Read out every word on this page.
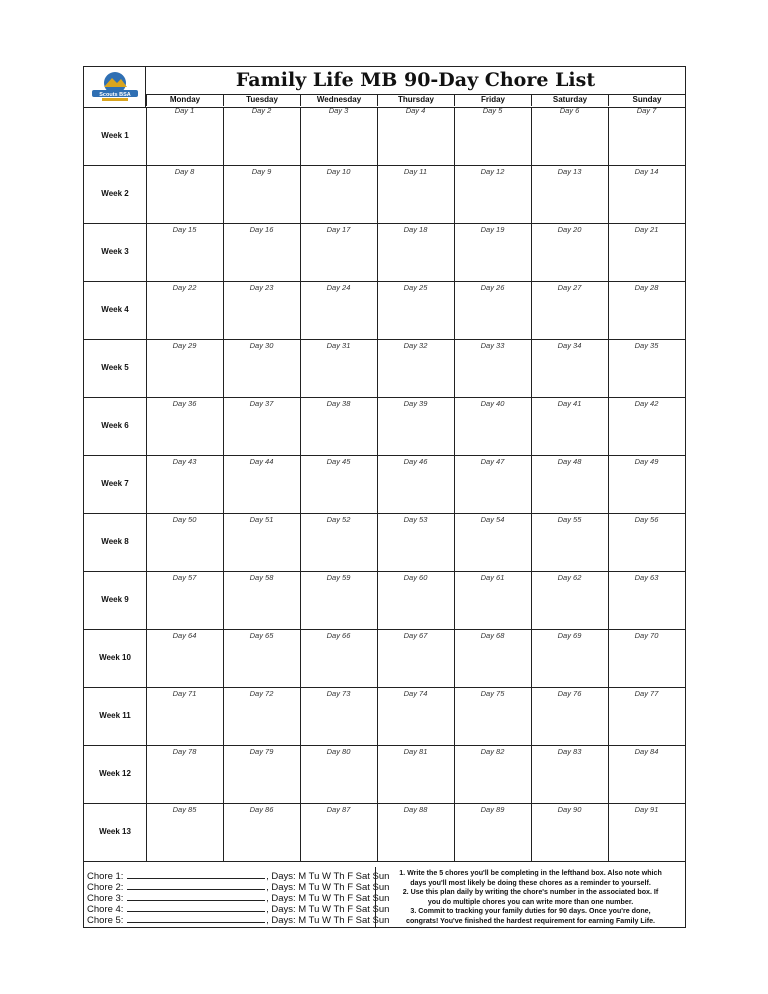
Scouts BSA
Family Life MB 90-Day Chore List
Monday	Tuesday	Wednesday	Thursday	Friday	Saturday	Sunday
Week 1
Day 1	Day 2	Day 3	Day 4	Day 5	Day 6	Day 7
Week 2
Day 8	Day 9	Day 10	Day 11	Day 12	Day 13	Day 14
Week 3
Day 15	Day 16	Day 17	Day 18	Day 19	Day 20	Day 21
Week 4
Day 22	Day 23	Day 24	Day 25	Day 26	Day 27	Day 28
Week 5
Day 29	Day 30	Day 31	Day 32	Day 33	Day 34	Day 35
Week 6
Day 36	Day 37	Day 38	Day 39	Day 40	Day 41	Day 42
Week 7
Day 43	Day 44	Day 45	Day 46	Day 47	Day 48	Day 49
Week 8
Day 50	Day 51	Day 52	Day 53	Day 54	Day 55	Day 56
Week 9
Day 57	Day 58	Day 59	Day 60	Day 61	Day 62	Day 63
Week 10
Day 64	Day 65	Day 66	Day 67	Day 68	Day 69	Day 70
Week 11
Day 71	Day 72	Day 73	Day 74	Day 75	Day 76	Day 77
Week 12
Day 78	Day 79	Day 80	Day 81	Day 82	Day 83	Day 84
Week 13
Day 85	Day 86	Day 87	Day 88	Day 89	Day 90	Day 91
Chore 1:	, Days: M Tu W Th F Sat Sun
Chore 2:	, Days: M Tu W Th F Sat Sun
Chore 3:	, Days: M Tu W Th F Sat Sun
Chore 4:	, Days: M Tu W Th F Sat Sun
Chore 5:	, Days: M Tu W Th F Sat Sun
1. Write the 5 chores you'll be completing in the lefthand box. Also note which
days you'll most likely be doing these chores as a reminder to yourself.
2. Use this plan daily by writing the chore's number in the associated box. If
you do multiple chores you can write more than one number.
3. Commit to tracking your family duties for 90 days. Once you're done,
congrats! You've finished the hardest requirement for earning Family Life.
